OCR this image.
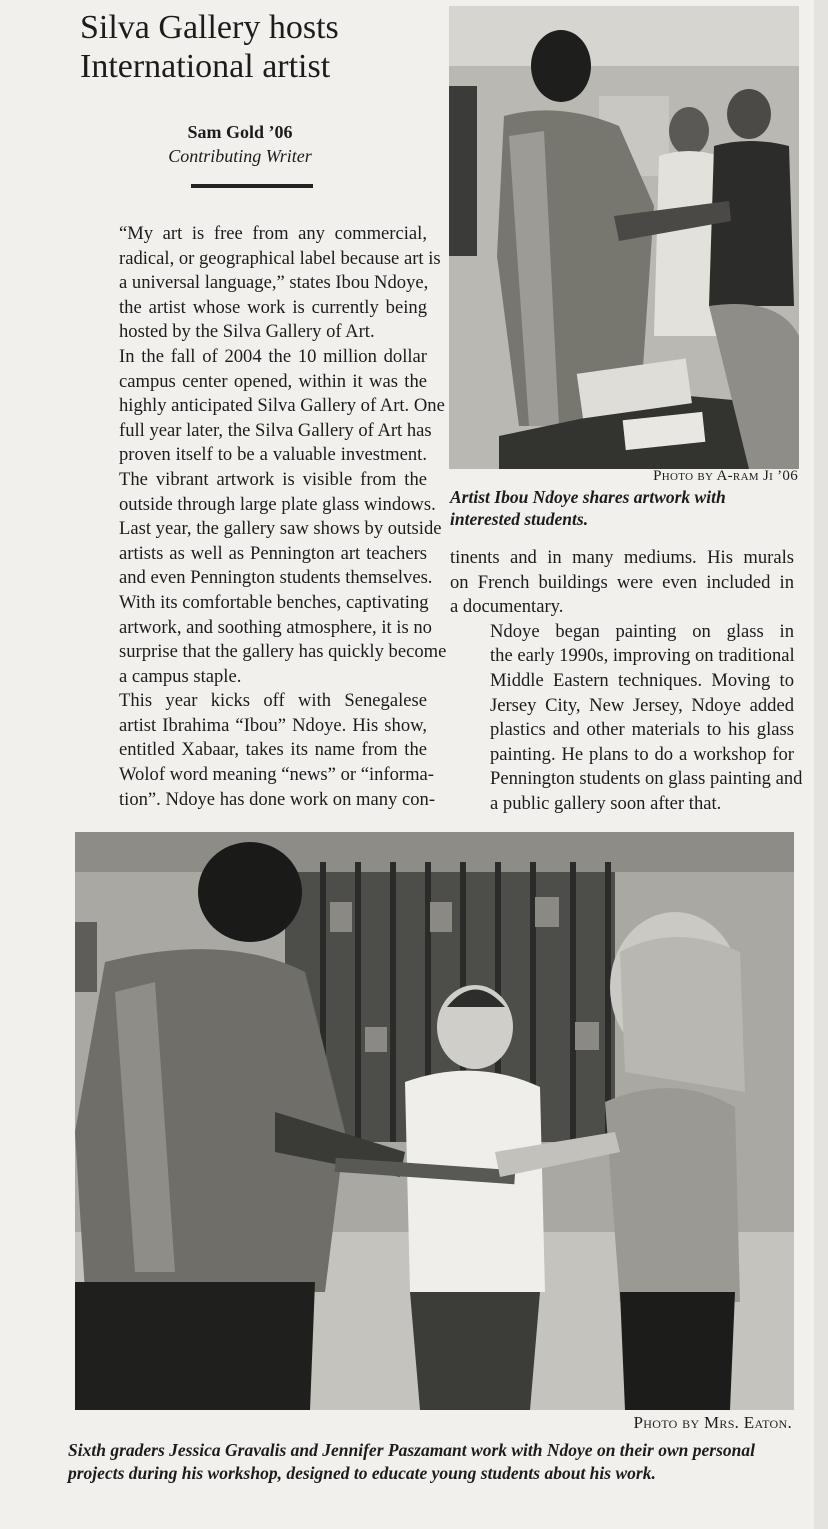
Silva Gallery hosts International artist
Sam Gold ’06
Contributing Writer

“My art is free from any commercial,
radical, or geographical label because art is
a universal language,” states Ibou Ndoye,
the artist whose work is currently being
hosted by the Silva Gallery of Art.

In the fall of 2004 the 10 million dollar
campus center opened, within it was the
highly anticipated Silva Gallery of Art. One
full year later, the Silva Gallery of Art has
proven itself to be a valuable investment.
The vibrant artwork is visible from the
outside through large plate glass windows.
Last year, the gallery saw shows by outside
artists as well as Pennington art teachers
and even Pennington students themselves.
With its comfortable benches, captivating
artwork, and soothing atmosphere, it is no
surprise that the gallery has quickly become
a campus staple.

This year kicks off with Senegalese
artist Ibrahima “Ibou” Ndoye. His show,
entitled Xabaar, takes its name from the
Wolof word meaning “news” or “informa-
tion”. Ndoye has done work on many con-

Photo by A-ram Ji ’06
Artist Ibou Ndoye shares artwork with interested students.

tinents and in many mediums. His murals
on French buildings were even included in
a documentary.

Ndoye began painting on glass in
the early 1990s, improving on traditional
Middle Eastern techniques. Moving to
Jersey City, New Jersey, Ndoye added
plastics and other materials to his glass
painting. He plans to do a workshop for
Pennington students on glass painting and
a public gallery soon after that.

Photo by Mrs. Eaton.
Sixth graders Jessica Gravalis and Jennifer Paszamant work with Ndoye on their own personal projects during his workshop, designed to educate young students about his work.
